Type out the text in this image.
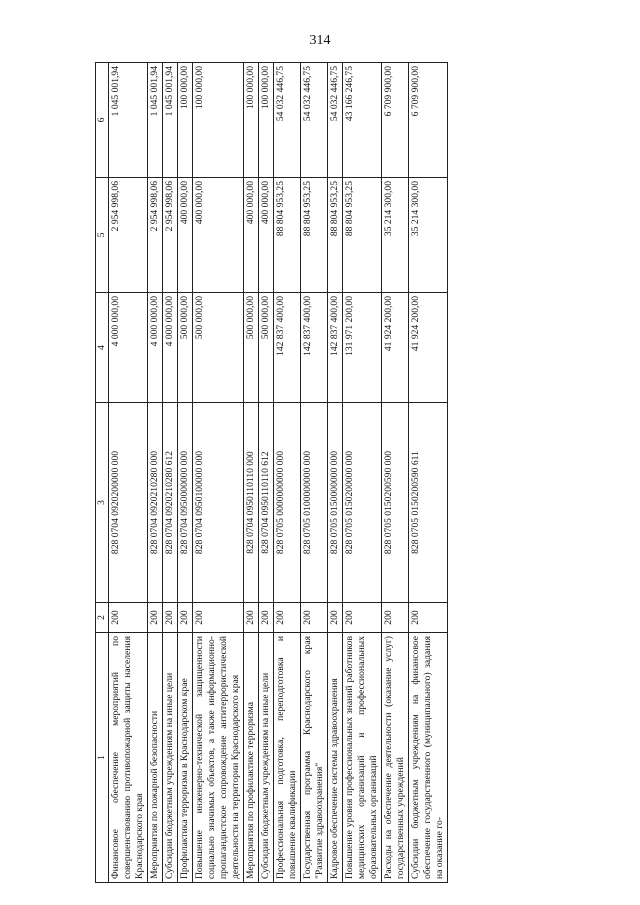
314
1	2	3	4	5	6
Финансовое обеспечение мероприятий по совершенствованию противопожарной защиты населения Краснодарского края	200	828 0704 0920200000 000	4 000 000,00	2 954 998,06	1 045 001,94
Мероприятия по пожарной безопасности	200	828 0704 0920210280 000	4 000 000,00	2 954 998,06	1 045 001,94
Субсидии бюджетным учреждениям на иные цели	200	828 0704 0920210280 612	4 000 000,00	2 954 998,06	1 045 001,94
Профилактика терроризма в Краснодарском крае	200	828 0704 0950000000 000	500 000,00	400 000,00	100 000,00
Повышение инженерно-технической защищенности социально значимых объектов, а также информационно-пропагандистское сопровождение антитеррористической деятельности на территории Краснодарского края	200	828 0704 0950100000 000	500 000,00	400 000,00	100 000,00
Мероприятия по профилактике терроризма	200	828 0704 0950110110 000	500 000,00	400 000,00	100 000,00
Субсидии бюджетным учреждениям на иные цели	200	828 0704 0950110110 612	500 000,00	400 000,00	100 000,00
Профессиональная подготовка, переподготовка и повышение квалификации	200	828 0705 0000000000 000	142 837 400,00	88 804 953,25	54 032 446,75
Государственная программа Краснодарского края "Развитие здравоохранения"	200	828 0705 0100000000 000	142 837 400,00	88 804 953,25	54 032 446,75
Кадровое обеспечение системы здравоохранения	200	828 0705 0150000000 000	142 837 400,00	88 804 953,25	54 032 446,75
Повышение уровня профессиональных знаний работников медицинских организаций и профессиональных образовательных организаций	200	828 0705 0150200000 000	131 971 200,00	88 804 953,25	43 166 246,75
Расходы на обеспечение деятельности (оказание услуг) государственных учреждений	200	828 0705 0150200590 000	41 924 200,00	35 214 300,00	6 709 900,00
Субсидии бюджетным учреждениям на финансовое обеспечение государственного (муниципального) задания на оказание го-	200	828 0705 0150200590 611	41 924 200,00	35 214 300,00	6 709 900,00
